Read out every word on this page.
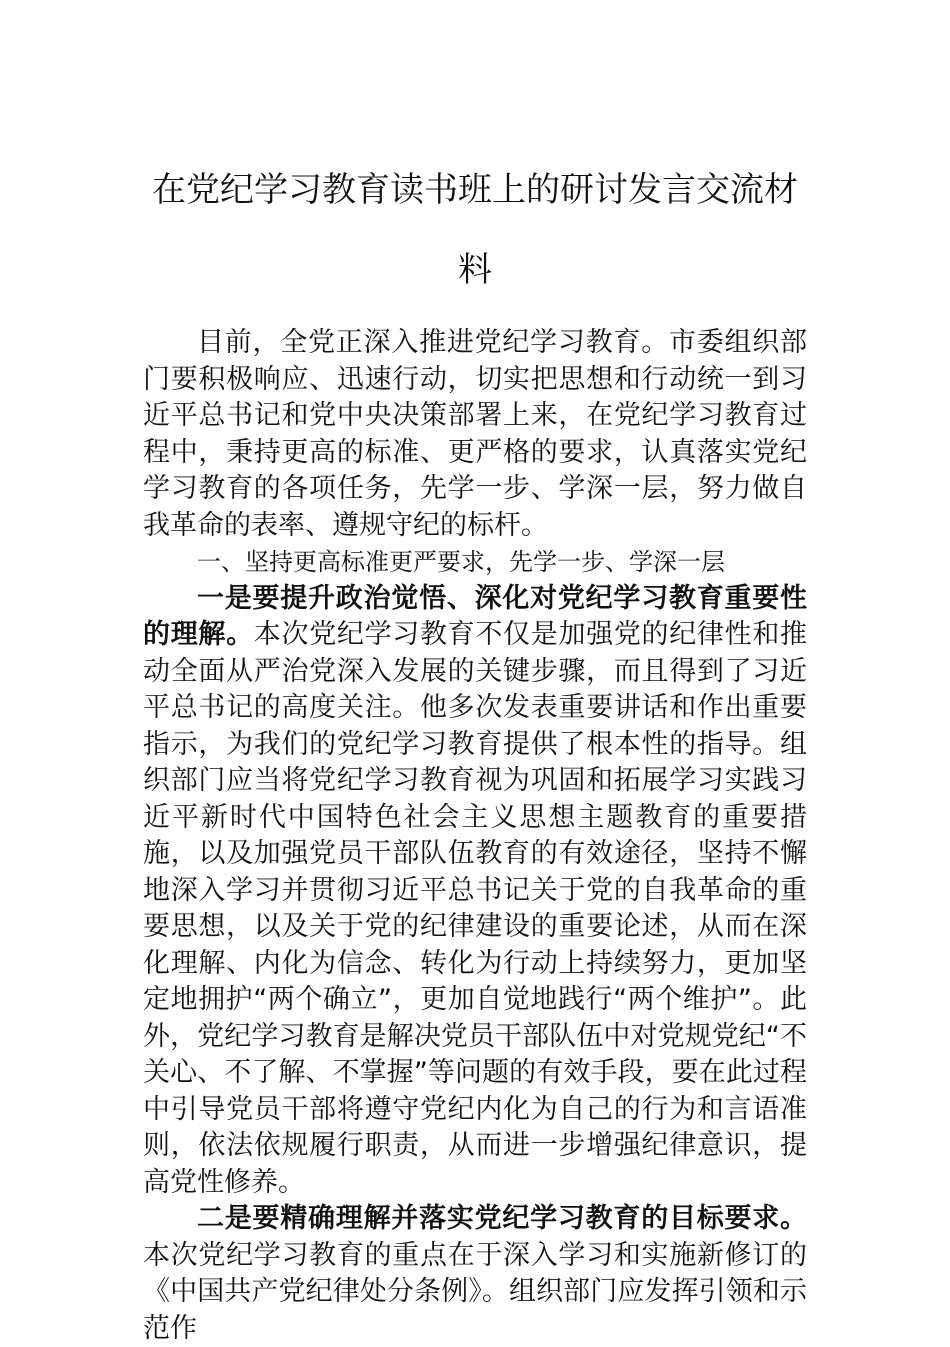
在党纪学习教育读书班上的研讨发言交流材料

目前，全党正深入推进党纪学习教育。市委组织部门要积极响应、迅速行动，切实把思想和行动统一到习近平总书记和党中央决策部署上来，在党纪学习教育过程中，秉持更高的标准、更严格的要求，认真落实党纪学习教育的各项任务，先学一步、学深一层，努力做自我革命的表率、遵规守纪的标杆。

一、坚持更高标准更严要求，先学一步、学深一层

一是要提升政治觉悟、深化对党纪学习教育重要性的理解。本次党纪学习教育不仅是加强党的纪律性和推动全面从严治党深入发展的关键步骤，而且得到了习近平总书记的高度关注。他多次发表重要讲话和作出重要指示，为我们的党纪学习教育提供了根本性的指导。组织部门应当将党纪学习教育视为巩固和拓展学习实践习近平新时代中国特色社会主义思想主题教育的重要措施，以及加强党员干部队伍教育的有效途径，坚持不懈地深入学习并贯彻习近平总书记关于党的自我革命的重要思想，以及关于党的纪律建设的重要论述，从而在深化理解、内化为信念、转化为行动上持续努力，更加坚定地拥护“两个确立”，更加自觉地践行“两个维护”。此外，党纪学习教育是解决党员干部队伍中对党规党纪“不关心、不了解、不掌握”等问题的有效手段，要在此过程中引导党员干部将遵守党纪内化为自己的行为和言语准则，依法依规履行职责，从而进一步增强纪律意识，提高党性修养。

二是要精确理解并落实党纪学习教育的目标要求。本次党纪学习教育的重点在于深入学习和实施新修订的《中国共产党纪律处分条例》。组织部门应发挥引领和示范作
